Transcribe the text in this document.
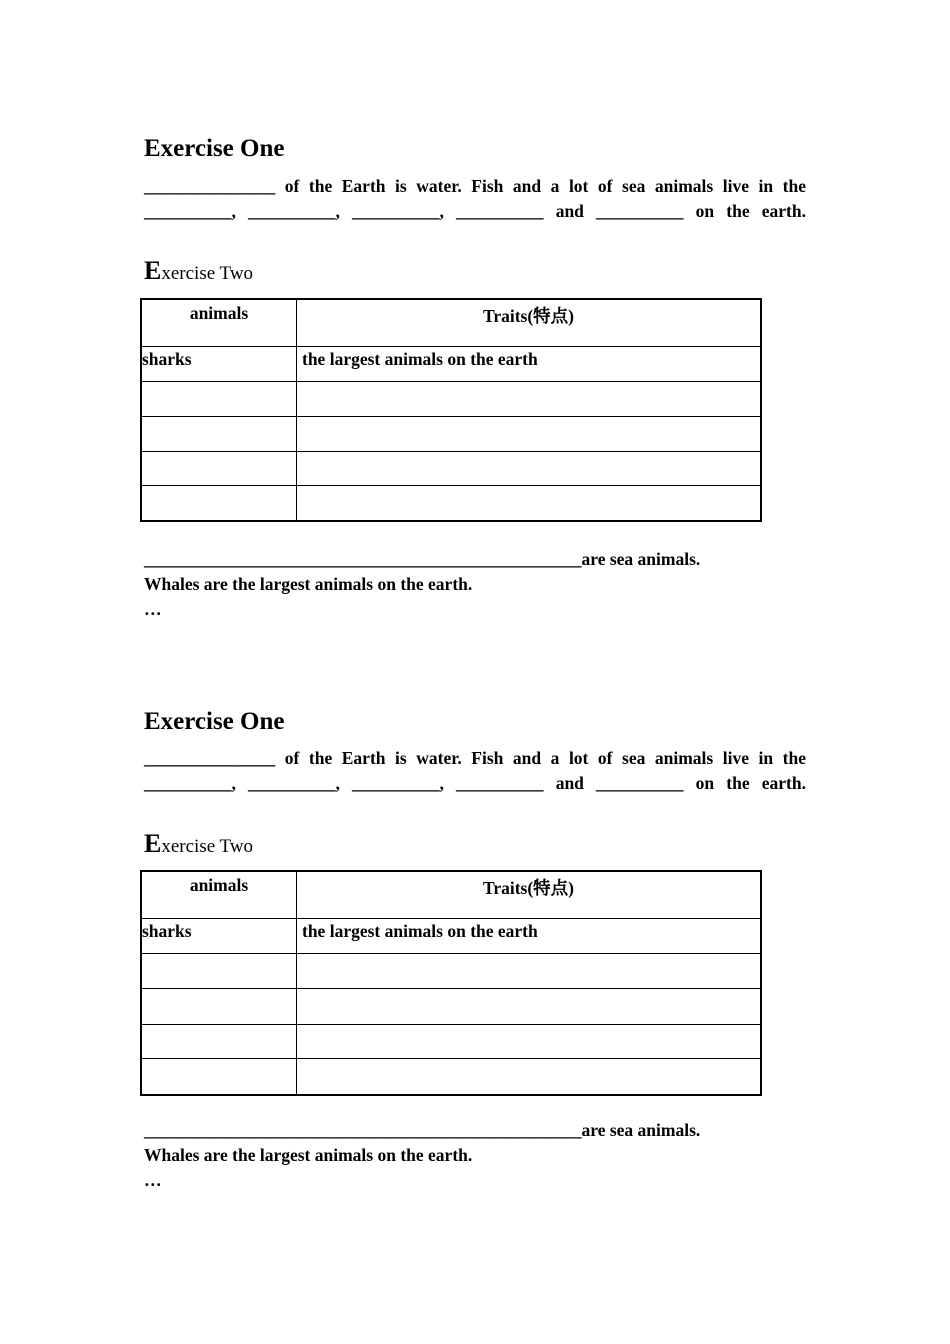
Exercise One

_______________ of the Earth is water. Fish and a lot of sea animals live in the

__________, __________, __________, __________ and __________ on the earth.

Exercise Two
animals	Traits(特点)
sharks	the largest animals on the earth

__________________________________________________are sea animals.

Whales are the largest animals on the earth.

…

Exercise One

_______________ of the Earth is water. Fish and a lot of sea animals live in the

__________, __________, __________, __________ and __________ on the earth.

Exercise Two
animals	Traits(特点)
sharks	the largest animals on the earth

__________________________________________________are sea animals.

Whales are the largest animals on the earth.

…
